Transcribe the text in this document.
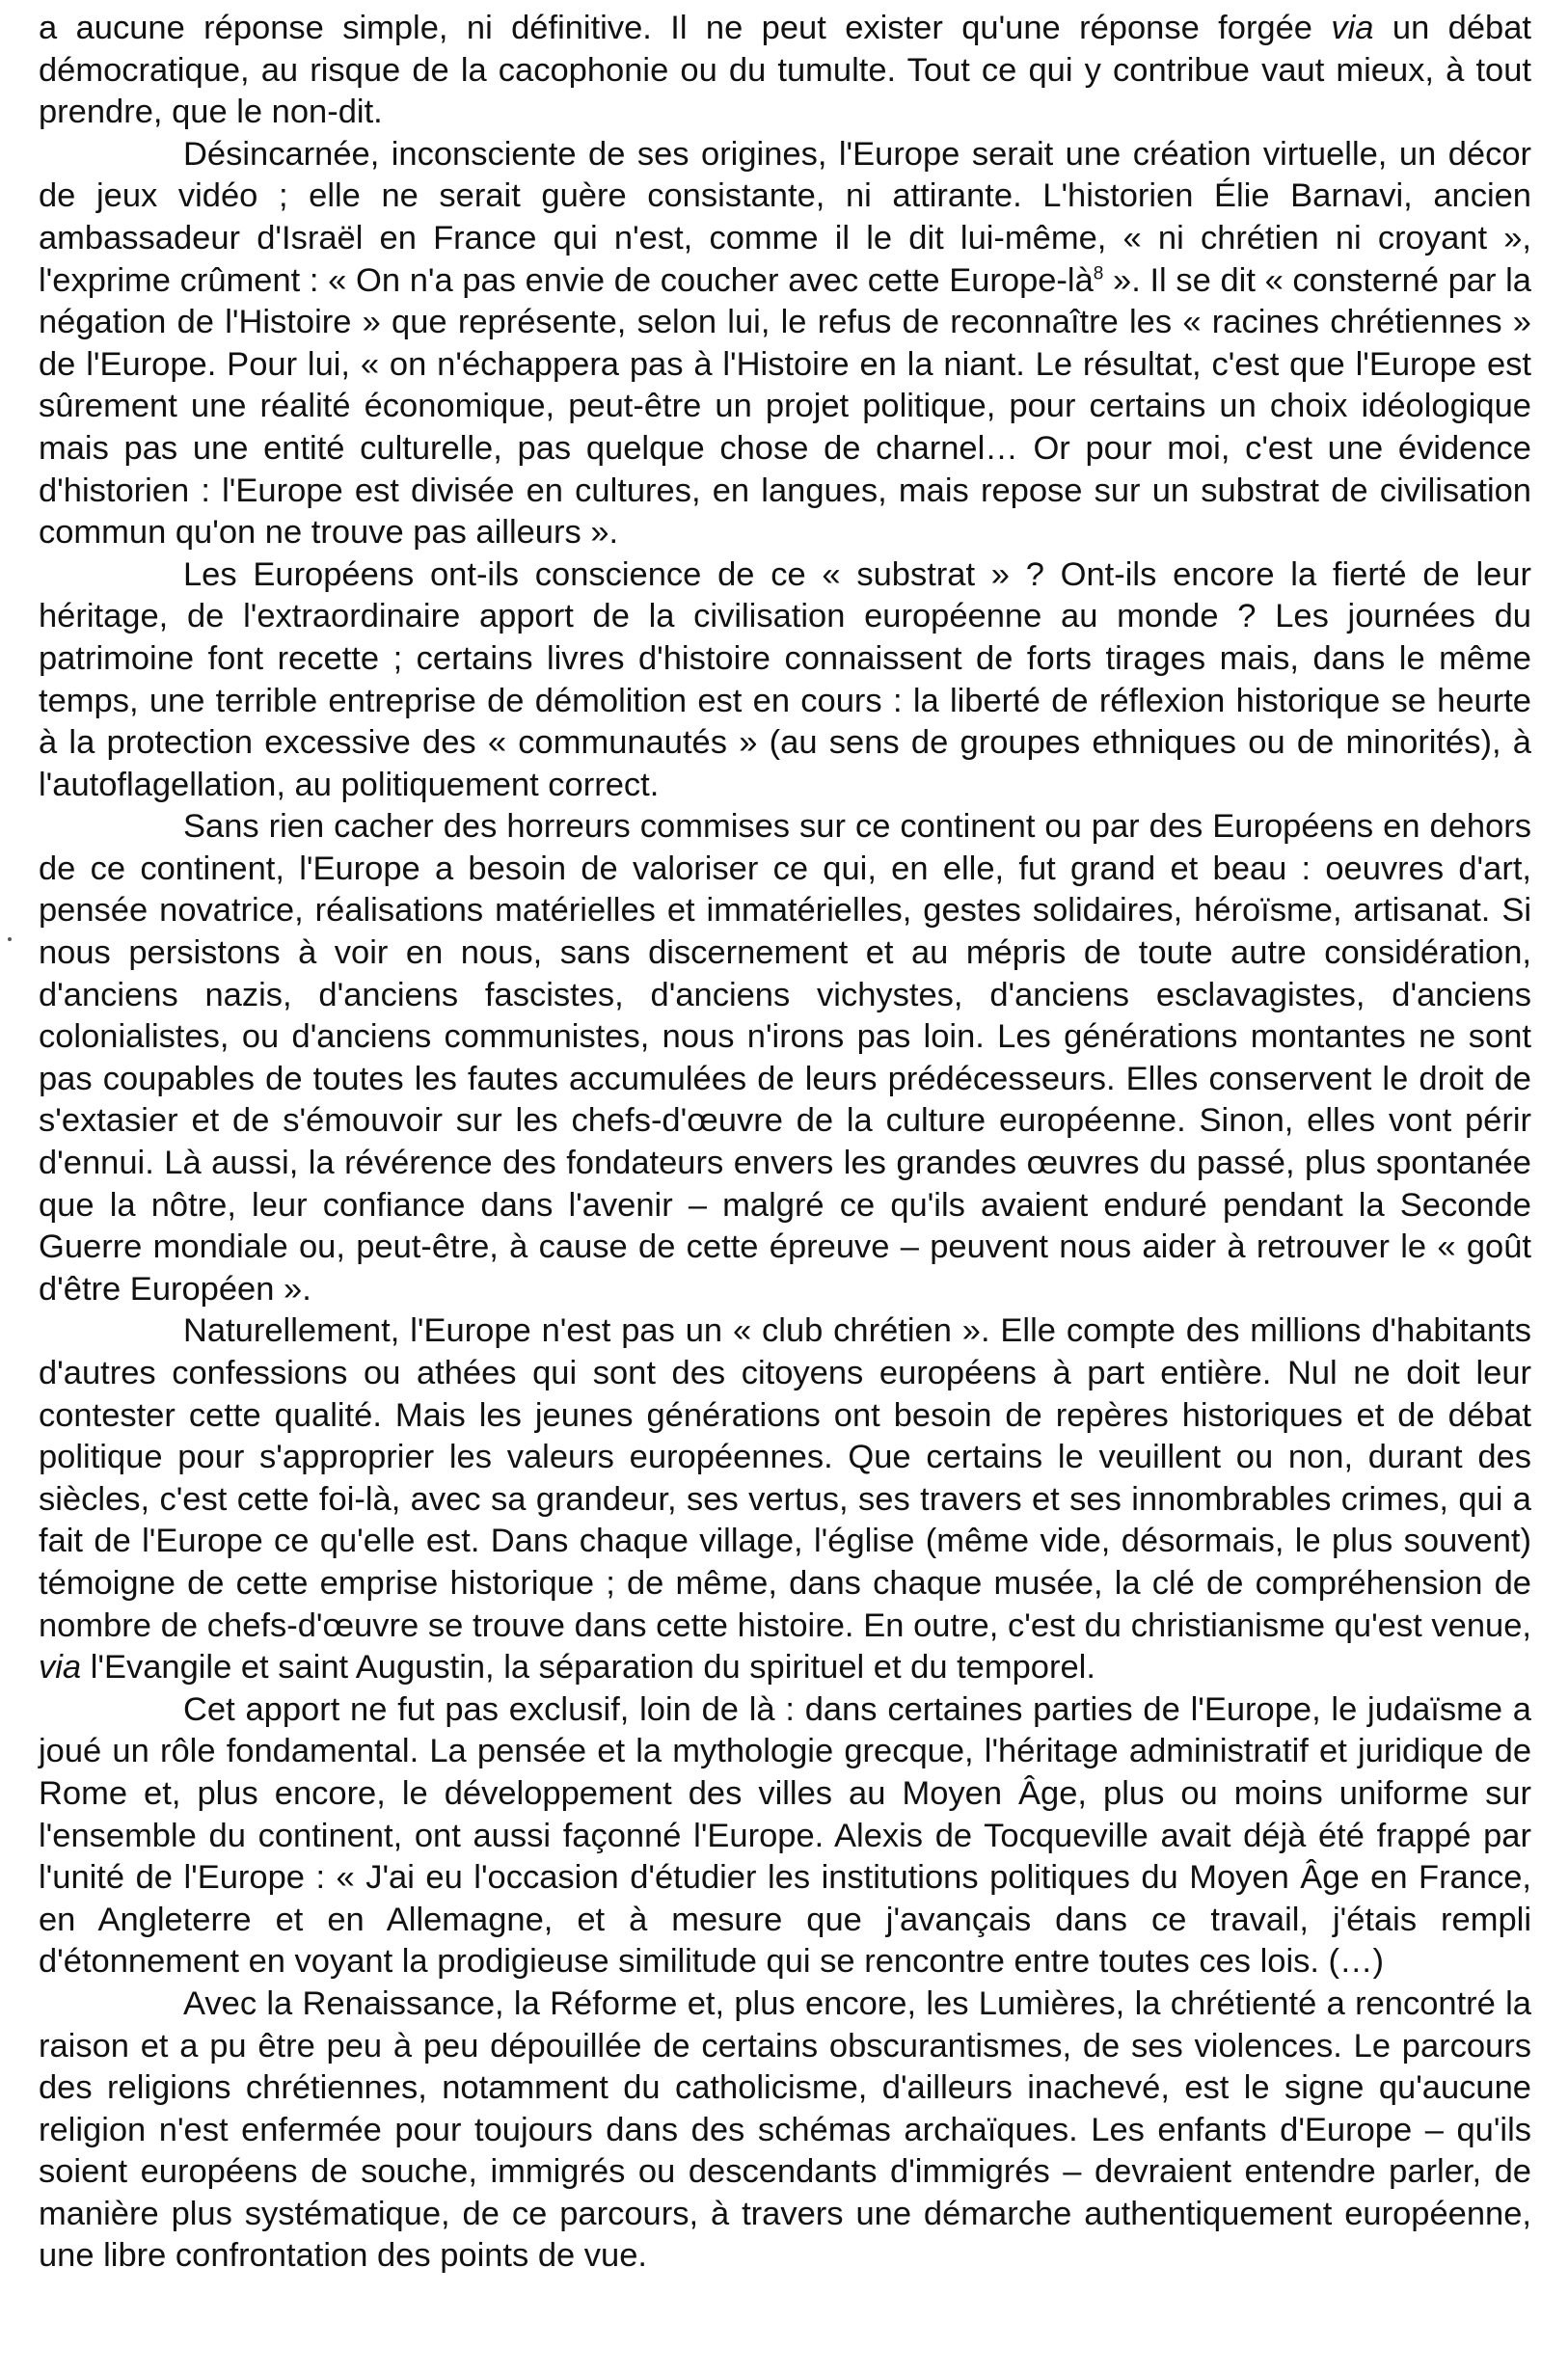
a aucune réponse simple, ni définitive. Il ne peut exister qu'une réponse forgée via un débat démocratique, au risque de la cacophonie ou du tumulte. Tout ce qui y contribue vaut mieux, à tout prendre, que le non-dit.

Désincarnée, inconsciente de ses origines, l'Europe serait une création virtuelle, un décor de jeux vidéo ; elle ne serait guère consistante, ni attirante. L'historien Élie Barnavi, ancien ambassadeur d'Israël en France qui n'est, comme il le dit lui-même, « ni chrétien ni croyant », l'exprime crûment : « On n'a pas envie de coucher avec cette Europe-$là^8$ ». Il se dit « consterné par la négation de l'Histoire » que représente, selon lui, le refus de reconnaître les « racines chrétiennes » de l'Europe. Pour lui, « on n'échappera pas à l'Histoire en la niant. Le résultat, c'est que l'Europe est sûrement une réalité économique, peut-être un projet politique, pour certains un choix idéologique mais pas une entité culturelle, pas quelque chose de charnel… Or pour moi, c'est une évidence d'historien : l'Europe est divisée en cultures, en langues, mais repose sur un substrat de civilisation commun qu'on ne trouve pas ailleurs ».

Les Européens ont-ils conscience de ce « substrat » ? Ont-ils encore la fierté de leur héritage, de l'extraordinaire apport de la civilisation européenne au monde ? Les journées du patrimoine font recette ; certains livres d'histoire connaissent de forts tirages mais, dans le même temps, une terrible entreprise de démolition est en cours : la liberté de réflexion historique se heurte à la protection excessive des « communautés » (au sens de groupes ethniques ou de minorités), à l'autoflagellation, au politiquement correct.

Sans rien cacher des horreurs commises sur ce continent ou par des Européens en dehors de ce continent, l'Europe a besoin de valoriser ce qui, en elle, fut grand et beau : oeuvres d'art, pensée novatrice, réalisations matérielles et immatérielles, gestes solidaires, héroïsme, artisanat. Si nous persistons à voir en nous, sans discernement et au mépris de toute autre considération, d'anciens nazis, d'anciens fascistes, d'anciens vichystes, d'anciens esclavagistes, d'anciens colonialistes, ou d'anciens communistes, nous n'irons pas loin. Les générations montantes ne sont pas coupables de toutes les fautes accumulées de leurs prédécesseurs. Elles conservent le droit de s'extasier et de s'émouvoir sur les chefs-d'œuvre de la culture européenne. Sinon, elles vont périr d'ennui. Là aussi, la révérence des fondateurs envers les grandes œuvres du passé, plus spontanée que la nôtre, leur confiance dans l'avenir – malgré ce qu'ils avaient enduré pendant la Seconde Guerre mondiale ou, peut-être, à cause de cette épreuve – peuvent nous aider à retrouver le « goût d'être Européen ».

Naturellement, l'Europe n'est pas un « club chrétien ». Elle compte des millions d'habitants d'autres confessions ou athées qui sont des citoyens européens à part entière. Nul ne doit leur contester cette qualité. Mais les jeunes générations ont besoin de repères historiques et de débat politique pour s'approprier les valeurs européennes. Que certains le veuillent ou non, durant des siècles, c'est cette foi-là, avec sa grandeur, ses vertus, ses travers et ses innombrables crimes, qui a fait de l'Europe ce qu'elle est. Dans chaque village, l'église (même vide, désormais, le plus souvent) témoigne de cette emprise historique ; de même, dans chaque musée, la clé de compréhension de nombre de chefs-d'œuvre se trouve dans cette histoire. En outre, c'est du christianisme qu'est venue, via l'Evangile et saint Augustin, la séparation du spirituel et du temporel.

Cet apport ne fut pas exclusif, loin de là : dans certaines parties de l'Europe, le judaïsme a joué un rôle fondamental. La pensée et la mythologie grecque, l'héritage administratif et juridique de Rome et, plus encore, le développement des villes au Moyen Âge, plus ou moins uniforme sur l'ensemble du continent, ont aussi façonné l'Europe. Alexis de Tocqueville avait déjà été frappé par l'unité de l'Europe : « J'ai eu l'occasion d'étudier les institutions politiques du Moyen Âge en France, en Angleterre et en Allemagne, et à mesure que j'avançais dans ce travail, j'étais rempli d'étonnement en voyant la prodigieuse similitude qui se rencontre entre toutes ces lois. (…)

Avec la Renaissance, la Réforme et, plus encore, les Lumières, la chrétienté a rencontré la raison et a pu être peu à peu dépouillée de certains obscurantismes, de ses violences. Le parcours des religions chrétiennes, notamment du catholicisme, d'ailleurs inachevé, est le signe qu'aucune religion n'est enfermée pour toujours dans des schémas archaïques. Les enfants d'Europe – qu'ils soient européens de souche, immigrés ou descendants d'immigrés – devraient entendre parler, de manière plus systématique, de ce parcours, à travers une démarche authentiquement européenne, une libre confrontation des points de vue.
